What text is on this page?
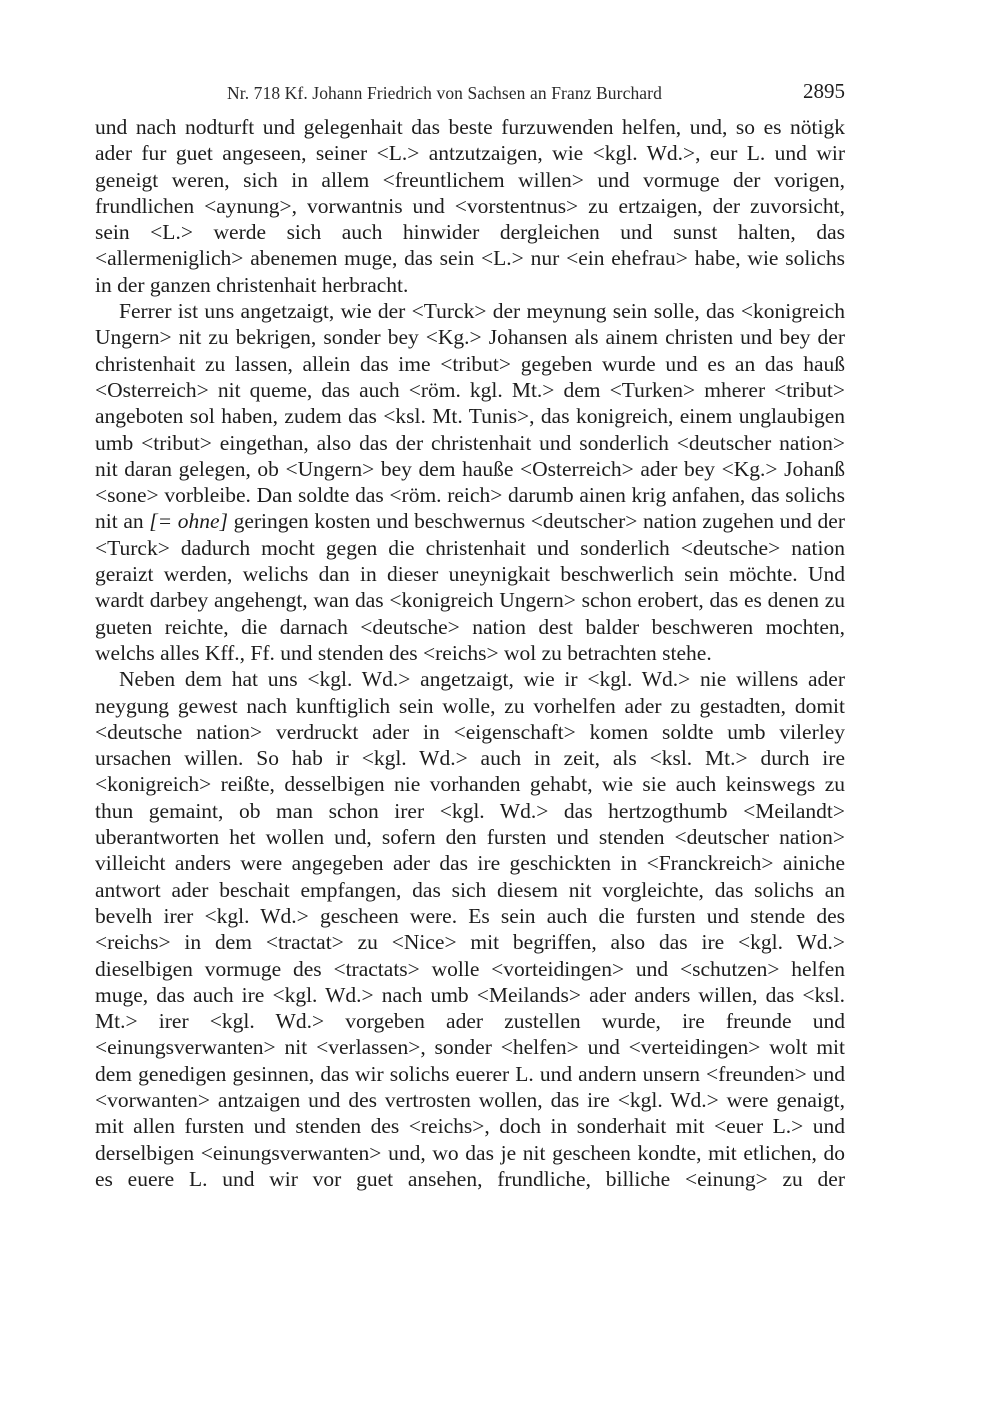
Nr. 718 Kf. Johann Friedrich von Sachsen an Franz Burchard	2895

und nach nodturft und gelegenhait das beste furzuwenden helfen, und, so es nötigk ader fur guet angeseen, seiner <L.> antzutzaigen, wie <kgl. Wd.>, eur L. und wir geneigt weren, sich in allem <freuntlichem willen> und vormuge der vorigen, frundlichen <aynung>, vorwantnis und <vorstentnus> zu ertzaigen, der zuvorsicht, sein <L.> werde sich auch hinwider dergleichen und sunst halten, das <allermeniglich> abenemen muge, das sein <L.> nur <ein ehefrau> habe, wie solichs in der ganzen christenhait herbracht.

Ferrer ist uns angetzaigt, wie der <Turck> der meynung sein solle, das <konigreich Ungern> nit zu bekrigen, sonder bey <Kg.> Johansen als ainem christen und bey der christenhait zu lassen, allein das ime <tribut> gegeben wurde und es an das hauß <Osterreich> nit queme, das auch <röm. kgl. Mt.> dem <Turken> mherer <tribut> angeboten sol haben, zudem das <ksl. Mt. Tunis>, das konigreich, einem unglaubigen umb <tribut> eingethan, also das der christenhait und sonderlich <deutscher nation> nit daran gelegen, ob <Ungern> bey dem hauße <Osterreich> ader bey <Kg.> Johanß <sone> vorbleibe. Dan soldte das <röm. reich> darumb ainen krig anfahen, das solichs nit an [= ohne] geringen kosten und beschwernus <deutscher> nation zugehen und der <Turck> dadurch mocht gegen die christenhait und sonderlich <deutsche> nation geraizt werden, welichs dan in dieser uneynigkait beschwerlich sein möchte. Und wardt darbey angehengt, wan das <konigreich Ungern> schon erobert, das es denen zu gueten reichte, die darnach <deutsche> nation dest balder beschweren mochten, welchs alles Kff., Ff. und stenden des <reichs> wol zu betrachten stehe.

Neben dem hat uns <kgl. Wd.> angetzaigt, wie ir <kgl. Wd.> nie willens ader neygung gewest nach kunftiglich sein wolle, zu vorhelfen ader zu gestadten, domit <deutsche nation> verdruckt ader in <eigenschaft> komen soldte umb vilerley ursachen willen. So hab ir <kgl. Wd.> auch in zeit, als <ksl. Mt.> durch ire <konigreich> reißte, desselbigen nie vorhanden gehabt, wie sie auch keinswegs zu thun gemaint, ob man schon irer <kgl. Wd.> das hertzogthumb <Meilandt> uberantworten het wollen und, sofern den fursten und stenden <deutscher nation> villeicht anders were angegeben ader das ire geschickten in <Franckreich> ainiche antwort ader beschait empfangen, das sich diesem nit vorgleichte, das solichs an bevelh irer <kgl. Wd.> gescheen were. Es sein auch die fursten und stende des <reichs> in dem <tractat> zu <Nice> mit begriffen, also das ire <kgl. Wd.> dieselbigen vormuge des <tractats> wolle <vorteidingen> und <schutzen> helfen muge, das auch ire <kgl. Wd.> nach umb <Meilands> ader anders willen, das <ksl. Mt.> irer <kgl. Wd.> vorgeben ader zustellen wurde, ire freunde und <einungsverwanten> nit <verlassen>, sonder <helfen> und <verteidingen> wolt mit dem genedigen gesinnen, das wir solichs euerer L. und andern unsern <freunden> und <vorwanten> antzaigen und des vertrosten wollen, das ire <kgl. Wd.> were genaigt, mit allen fursten und stenden des <reichs>, doch in sonderhait mit <euer L.> und derselbigen <einungsverwanten> und, wo das je nit gescheen kondte, mit etlichen, do es euere L. und wir vor guet ansehen, frundliche, billiche <einung> zu der
